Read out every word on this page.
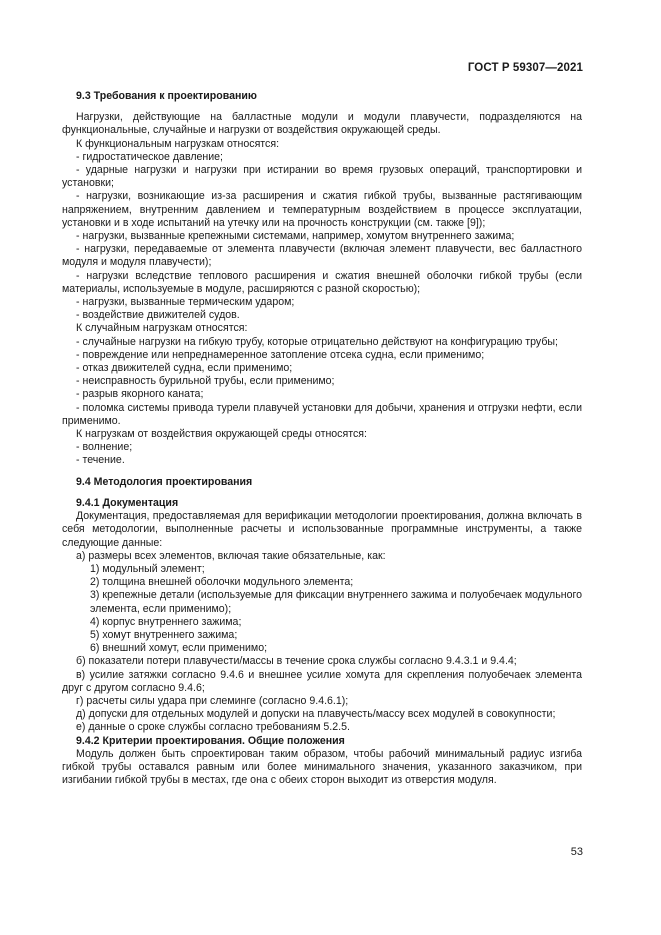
ГОСТ Р 59307—2021

9.3 Требования к проектированию

Нагрузки, действующие на балластные модули и модули плавучести, подразделяются на функциональные, случайные и нагрузки от воздействия окружающей среды.

К функциональным нагрузкам относятся:

- гидростатическое давление;

- ударные нагрузки и нагрузки при истирании во время грузовых операций, транспортировки и установки;

- нагрузки, возникающие из-за расширения и сжатия гибкой трубы, вызванные растягивающим напряжением, внутренним давлением и температурным воздействием в процессе эксплуатации, установки и в ходе испытаний на утечку или на прочность конструкции (см. также [9]);

- нагрузки, вызванные крепежными системами, например, хомутом внутреннего зажима;

- нагрузки, передаваемые от элемента плавучести (включая элемент плавучести, вес балластного модуля и модуля плавучести);

- нагрузки вследствие теплового расширения и сжатия внешней оболочки гибкой трубы (если материалы, используемые в модуле, расширяются с разной скоростью);

- нагрузки, вызванные термическим ударом;

- воздействие движителей судов.

К случайным нагрузкам относятся:

- случайные нагрузки на гибкую трубу, которые отрицательно действуют на конфигурацию трубы;

- повреждение или непреднамеренное затопление отсека судна, если применимо;

- отказ движителей судна, если применимо;

- неисправность бурильной трубы, если применимо;

- разрыв якорного каната;

- поломка системы привода турели плавучей установки для добычи, хранения и отгрузки нефти, если применимо.

К нагрузкам от воздействия окружающей среды относятся:

- волнение;

- течение.

9.4 Методология проектирования

9.4.1 Документация

Документация, предоставляемая для верификации методологии проектирования, должна включать в себя методологии, выполненные расчеты и использованные программные инструменты, а также следующие данные:

а) размеры всех элементов, включая такие обязательные, как:

1) модульный элемент;

2) толщина внешней оболочки модульного элемента;

3) крепежные детали (используемые для фиксации внутреннего зажима и полуобечаек модульного элемента, если применимо);

4) корпус внутреннего зажима;

5) хомут внутреннего зажима;

6) внешний хомут, если применимо;

б) показатели потери плавучести/массы в течение срока службы согласно 9.4.3.1 и 9.4.4;

в) усилие затяжки согласно 9.4.6 и внешнее усилие хомута для скрепления полуобечаек элемента друг с другом согласно 9.4.6;

г) расчеты силы удара при слеминге (согласно 9.4.6.1);

д) допуски для отдельных модулей и допуски на плавучесть/массу всех модулей в совокупности;

е) данные о сроке службы согласно требованиям 5.2.5.

9.4.2 Критерии проектирования. Общие положения

Модуль должен быть спроектирован таким образом, чтобы рабочий минимальный радиус изгиба гибкой трубы оставался равным или более минимального значения, указанного заказчиком, при изгибании гибкой трубы в местах, где она с обеих сторон выходит из отверстия модуля.

53
